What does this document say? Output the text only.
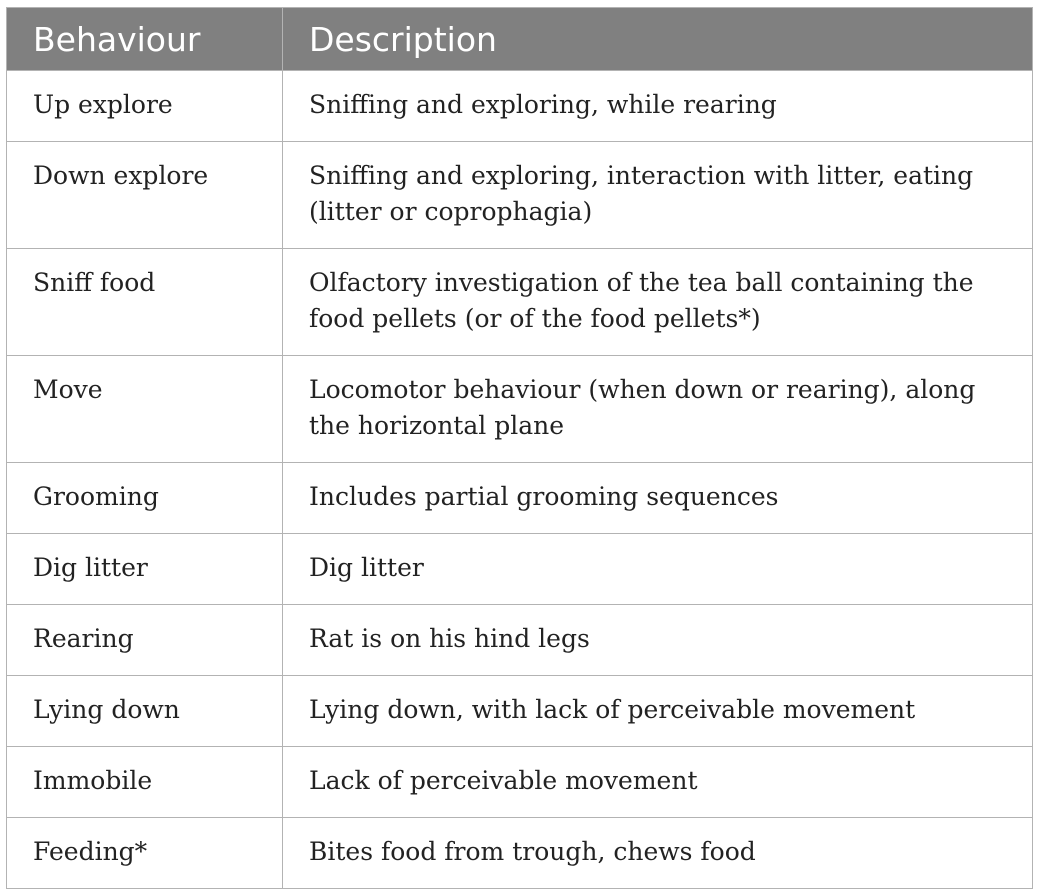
Behaviour	Description
Up explore	Sniffing and exploring, while rearing
Down explore	Sniffing and exploring, interaction with litter, eating (litter or coprophagia)
Sniff food	Olfactory investigation of the tea ball containing the food pellets (or of the food pellets*)
Move	Locomotor behaviour (when down or rearing), along the horizontal plane
Grooming	Includes partial grooming sequences
Dig litter	Dig litter
Rearing	Rat is on his hind legs
Lying down	Lying down, with lack of perceivable movement
Immobile	Lack of perceivable movement
Feeding*	Bites food from trough, chews food
